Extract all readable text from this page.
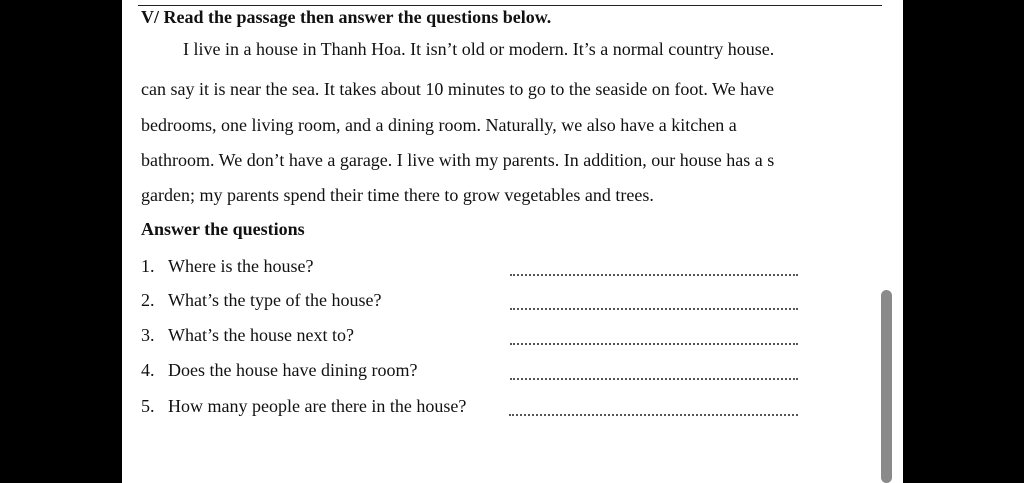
V/ Read the passage then answer the questions below.
I live in a house in Thanh Hoa. It isn’t old or modern. It’s a normal country house.
can say it is near the sea. It takes about 10 minutes to go to the seaside on foot. We have
bedrooms, one living room, and a dining room. Naturally, we also have a kitchen a
bathroom. We don’t have a garage. I live with my parents. In addition, our house has a s
garden; my parents spend their time there to grow vegetables and trees.
Answer the questions
1. Where is the house?
2. What’s the type of the house?
3. What’s the house next to?
4. Does the house have dining room?
5. How many people are there in the house?
